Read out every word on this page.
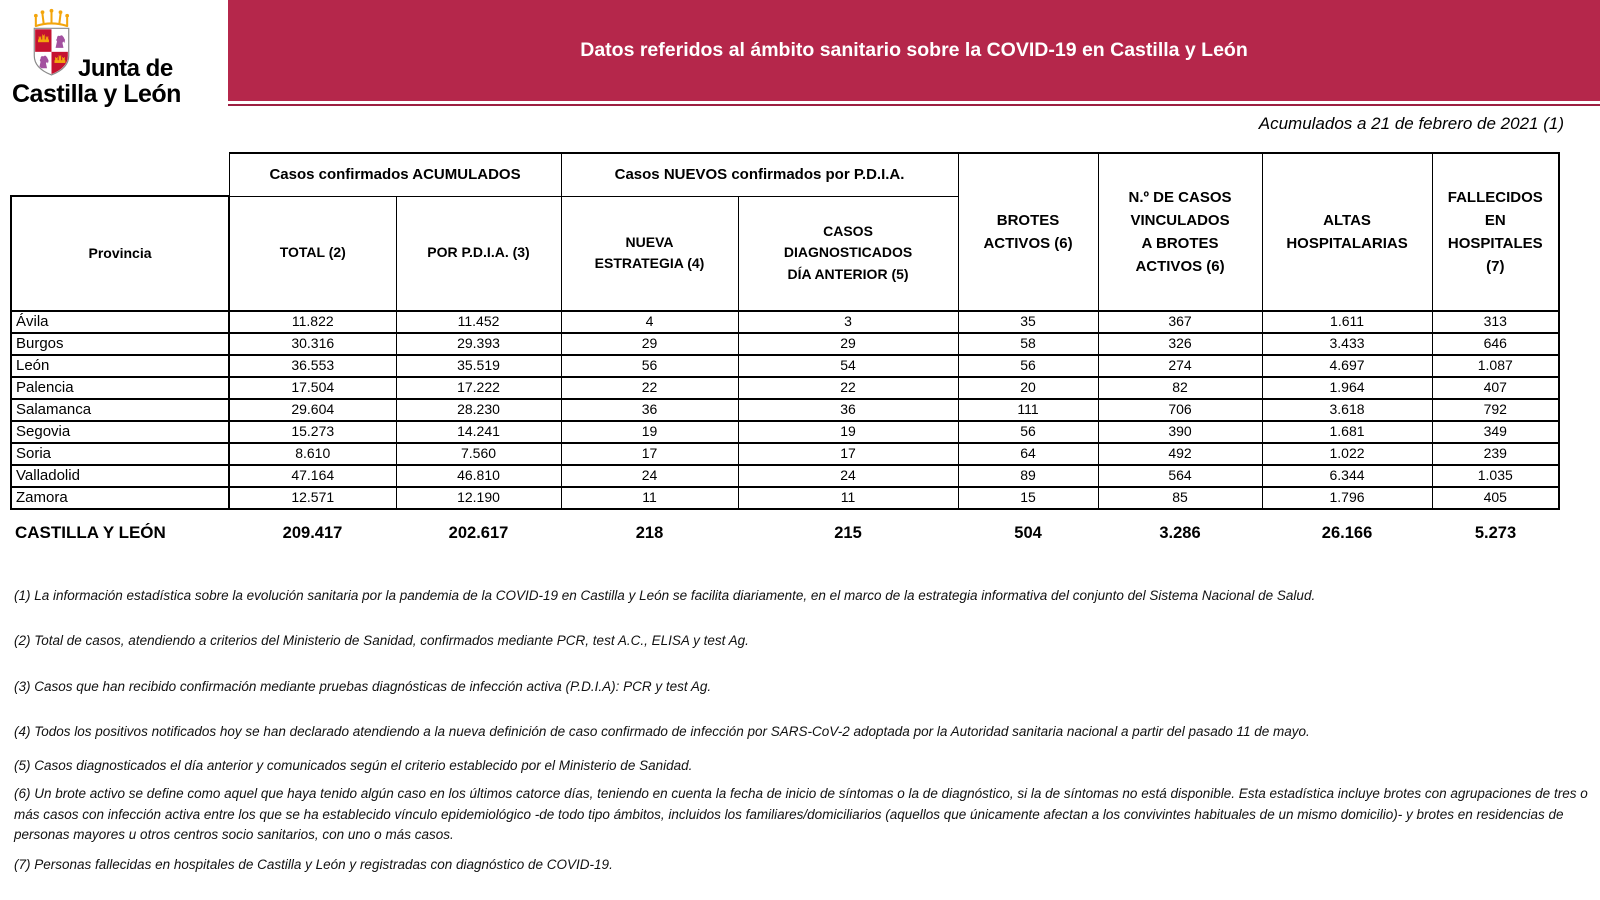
Junta de
Castilla y León
Datos referidos al ámbito sanitario sobre la COVID-19 en Castilla y León
Acumulados a 21 de febrero de 2021 (1)
	Casos confirmados ACUMULADOS		Casos NUEVOS confirmados por P.D.I.A.		BROTES ACTIVOS (6)	N.º DE CASOS VINCULADOS A BROTES ACTIVOS (6)	ALTAS HOSPITALARIAS	FALLECIDOS EN HOSPITALES (7)
Provincia	TOTAL (2)	POR P.D.I.A. (3)	NUEVA ESTRATEGIA (4)	CASOS DIAGNOSTICADOS DÍA ANTERIOR (5)				
Ávila	11.822	11.452	4	3	35	367	1.611	313
Burgos	30.316	29.393	29	29	58	326	3.433	646
León	36.553	35.519	56	54	56	274	4.697	1.087
Palencia	17.504	17.222	22	22	20	82	1.964	407
Salamanca	29.604	28.230	36	36	111	706	3.618	792
Segovia	15.273	14.241	19	19	56	390	1.681	349
Soria	8.610	7.560	17	17	64	492	1.022	239
Valladolid	47.164	46.810	24	24	89	564	6.344	1.035
Zamora	12.571	12.190	11	11	15	85	1.796	405
CASTILLA Y LEÓN	209.417	202.617	218	215	504	3.286	26.166	5.273

(1) La información estadística sobre la evolución sanitaria por la pandemia de la COVID-19 en Castilla y León se facilita diariamente, en el marco de la estrategia informativa del conjunto del Sistema Nacional de Salud.

(2) Total de casos, atendiendo a criterios del Ministerio de Sanidad, confirmados mediante PCR, test A.C., ELISA y test Ag.

(3) Casos que han recibido confirmación mediante pruebas diagnósticas de infección activa (P.D.I.A): PCR y test Ag.

(4) Todos los positivos notificados hoy se han declarado atendiendo a la nueva definición de caso confirmado de infección por SARS-CoV-2 adoptada por la Autoridad sanitaria nacional a partir del pasado 11 de mayo.

(5) Casos diagnosticados el día anterior y comunicados según el criterio establecido por el Ministerio de Sanidad.

(6) Un brote activo se define como aquel que haya tenido algún caso en los últimos catorce días, teniendo en cuenta la fecha de inicio de síntomas o la de diagnóstico, si la de síntomas no está disponible. Esta estadística incluye brotes con agrupaciones de tres o más casos con infección activa entre los que se ha establecido vínculo epidemiológico -de todo tipo ámbitos, incluidos los familiares/domiciliarios (aquellos que únicamente afectan a los convivintes habituales de un mismo domicilio)- y brotes en residencias de personas mayores u otros centros socio sanitarios, con uno o más casos.

(7) Personas fallecidas en hospitales de Castilla y León y registradas con diagnóstico de COVID-19.
